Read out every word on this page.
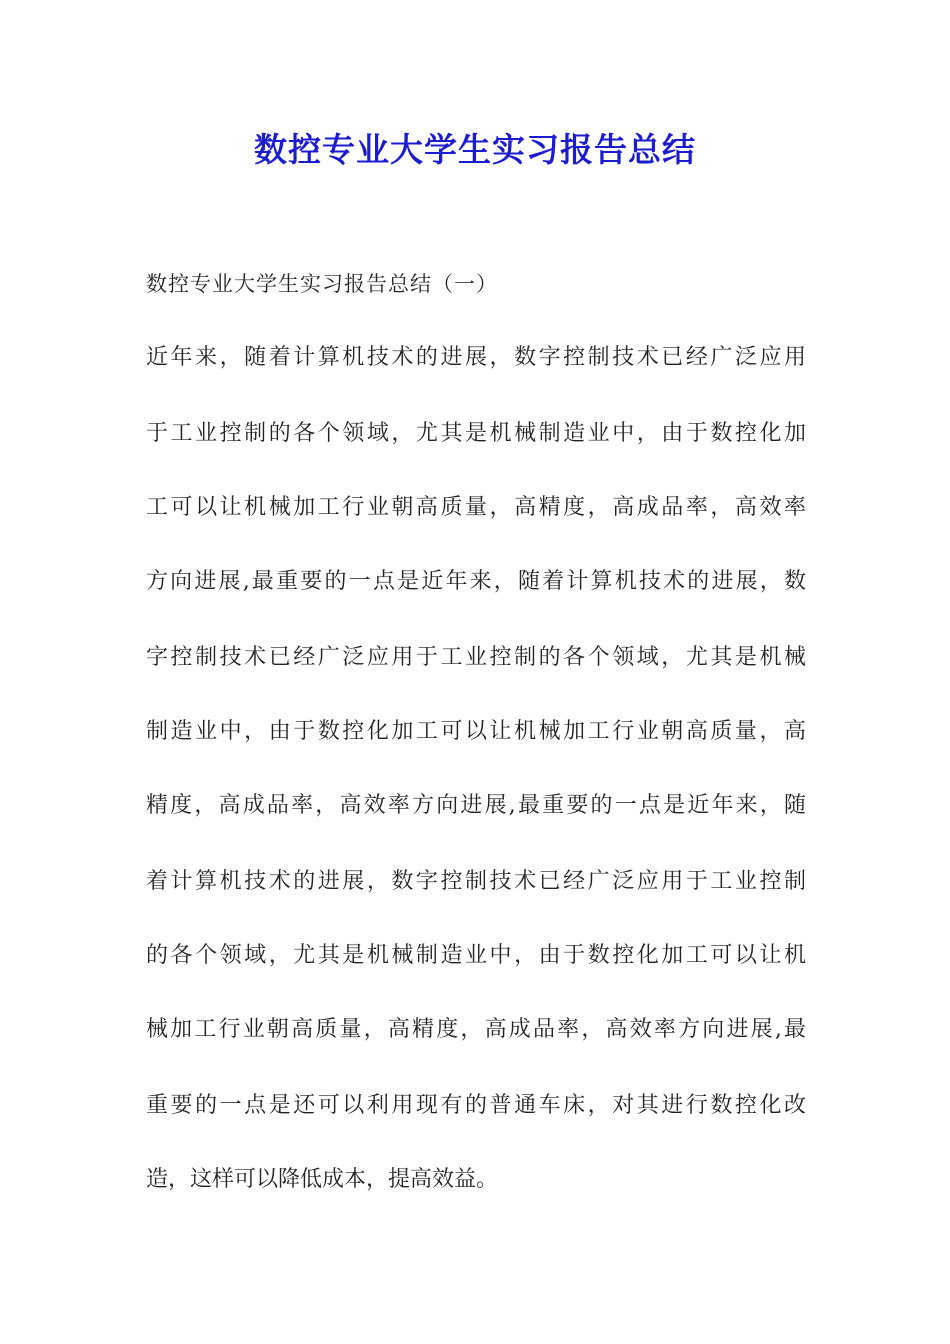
数控专业大学生实习报告总结

数控专业大学生实习报告总结（一）

近年来，随着计算机技术的进展，数字控制技术已经广泛应用

于工业控制的各个领域，尤其是机械制造业中，由于数控化加

工可以让机械加工行业朝高质量，高精度，高成品率，高效率

方向进展,最重要的一点是近年来，随着计算机技术的进展，数

字控制技术已经广泛应用于工业控制的各个领域，尤其是机械

制造业中，由于数控化加工可以让机械加工行业朝高质量，高

精度，高成品率，高效率方向进展,最重要的一点是近年来，随

着计算机技术的进展，数字控制技术已经广泛应用于工业控制

的各个领域，尤其是机械制造业中，由于数控化加工可以让机

械加工行业朝高质量，高精度，高成品率，高效率方向进展,最

重要的一点是还可以利用现有的普通车床，对其进行数控化改

造，这样可以降低成本，提高效益。
